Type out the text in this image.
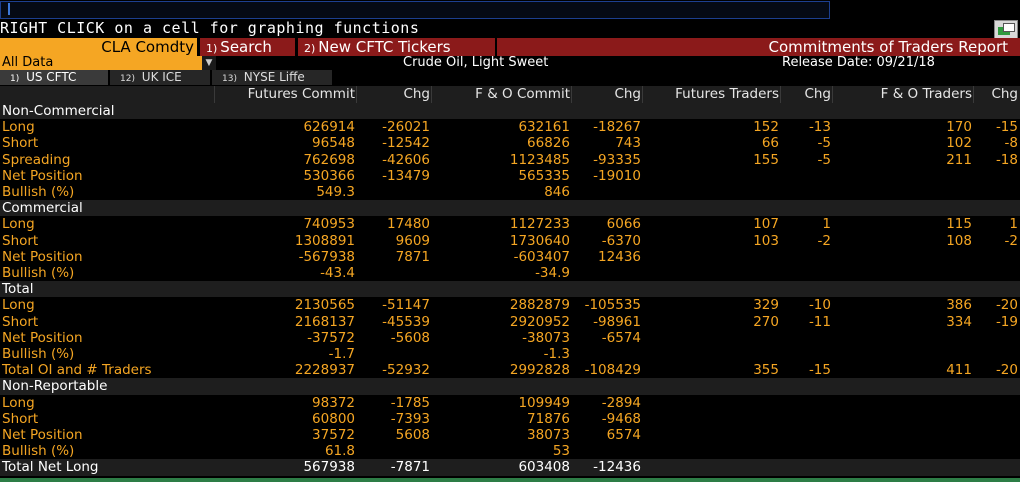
RIGHT CLICK on a cell for graphing functions
CLA Comdty	1) Search	2) New CFTC Tickers	Commitments of Traders Report
All Data	▼	Crude Oil, Light Sweet	Release Date: 09/21/18
1) US CFTC	12) UK ICE	13) NYSE Liffe
Futures Commit	Chg	F & O Commit	Chg	Futures Traders	Chg	F & O Traders	Chg
Non-Commercial
Long	626914 -26021	632161 -18267	152 -13	170 -15
Short	96548 -12542	66826	743	66	-5	102 -8
Spreading	762698 -42606	1123485 -93335	155	-5	211 -18
Net Position	530366 -13479	565335 -19010
Bullish (%)	549.3	846
Commercial
Long	740953 17480	1127233	6066	107	1	115	1
Short	1308891	9609	1730640 -6370	103	-2	108 -2
Net Position	-567938	7871	-603407 12436
Bullish (%)	-43.4	-34.9
Total
Long	2130565 -51147	2882879 -105535	329 -10	386 -20
Short	2168137 -45539	2920952 -98961	270 -11	334 -19
Net Position	-37572	-5608	-38073 -6574
Bullish (%)	-1.7	-1.3
Total OI and # Traders	2228937 -52932	2992828 -108429	355 -15	411 -20
Non-Reportable
Long	98372	-1785	109949 -2894
Short	60800	-7393	71876 -9468
Net Position	37572	5608	38073	6574
Bullish (%)	61.8	53
Total Net Long	567938	-7871	603408 -12436
